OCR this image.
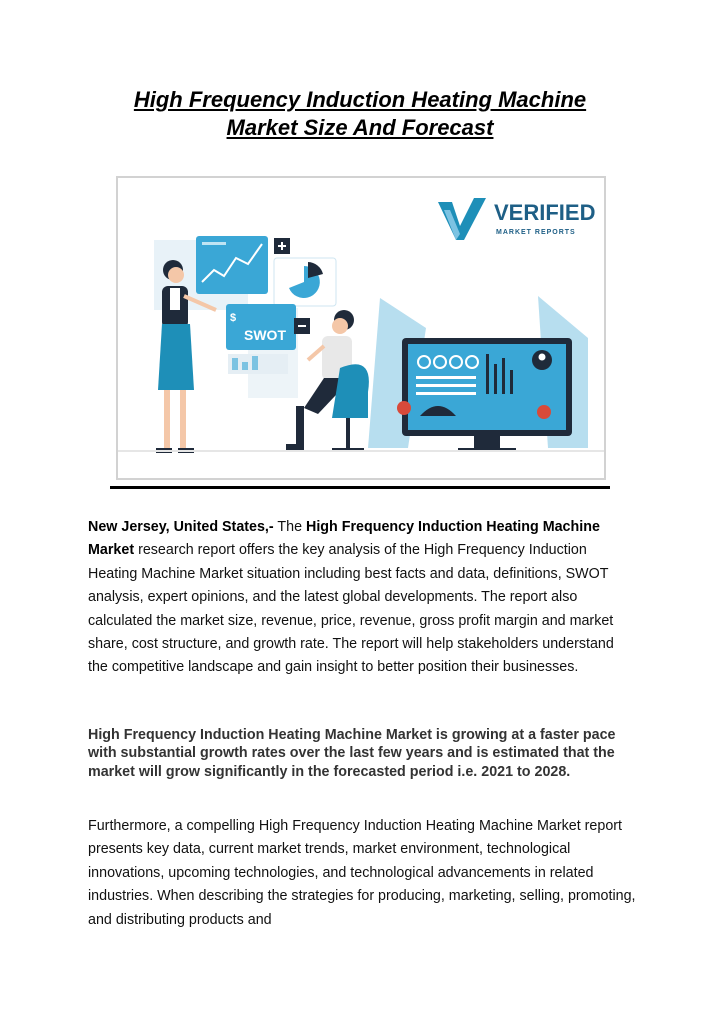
High Frequency Induction Heating Machine
Market Size And Forecast
VERIFIED
MARKET REPORTS
$
SWOT
New Jersey, United States,- The High Frequency Induction Heating Machine Market research report offers the key analysis of the High Frequency Induction Heating Machine Market situation including best facts and data, definitions, SWOT analysis, expert opinions, and the latest global developments. The report also calculated the market size, revenue, price, revenue, gross profit margin and market share, cost structure, and growth rate. The report will help stakeholders understand the competitive landscape and gain insight to better position their businesses.
High Frequency Induction Heating Machine Market is growing at a faster pace with substantial growth rates over the last few years and is estimated that the market will grow significantly in the forecasted period i.e. 2021 to 2028.
Furthermore, a compelling High Frequency Induction Heating Machine Market report presents key data, current market trends, market environment, technological innovations, upcoming technologies, and technological advancements in related industries. When describing the strategies for producing, marketing, selling, promoting, and distributing products and
